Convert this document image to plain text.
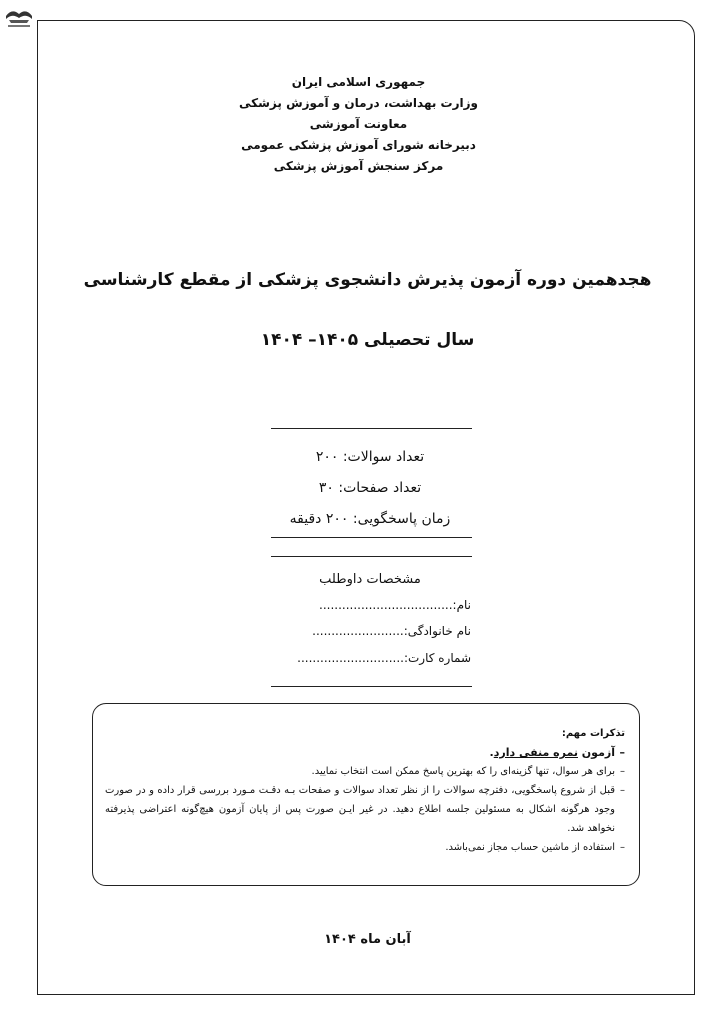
جمهوری اسلامی ایران
وزارت بهداشت، درمان و آموزش پزشکی
معاونت آموزشی
دبیرخانه شورای آموزش پزشکی عمومی
مرکز سنجش آموزش پزشکی
هجدهمین دوره آزمون پذیرش دانشجوی پزشکی از مقطع کارشناسی
سال تحصیلی ۱۴۰۵– ۱۴۰۴
تعداد سوالات: ۲۰۰
تعداد صفحات: ۳۰
زمان پاسخگویی: ۲۰۰ دقیقه
مشخصات داوطلب
نام:...................................
نام خانوادگی:........................
شماره کارت:............................
تذکرات مهم:
–
آزمون نمره منفی دارد.
–
برای هر سوال، تنها گزینه‌ای را که بهترین پاسخ ممکن است انتخاب نمایید.
–
قبل از شروع پاسخگویی، دفترچه سوالات را از نظر تعداد سوالات و صفحات بـه دقـت مـورد بررسی قرار داده و در صورت وجود هرگونه اشکال به مسئولین جلسه اطلاع دهید. در غیر ایـن صورت پس از پایان آزمون هیچ‌گونه اعتراضی پذیرفته نخواهد شد.
–
استفاده از ماشین حساب مجاز نمی‌باشد.
آبان ماه ۱۴۰۴
